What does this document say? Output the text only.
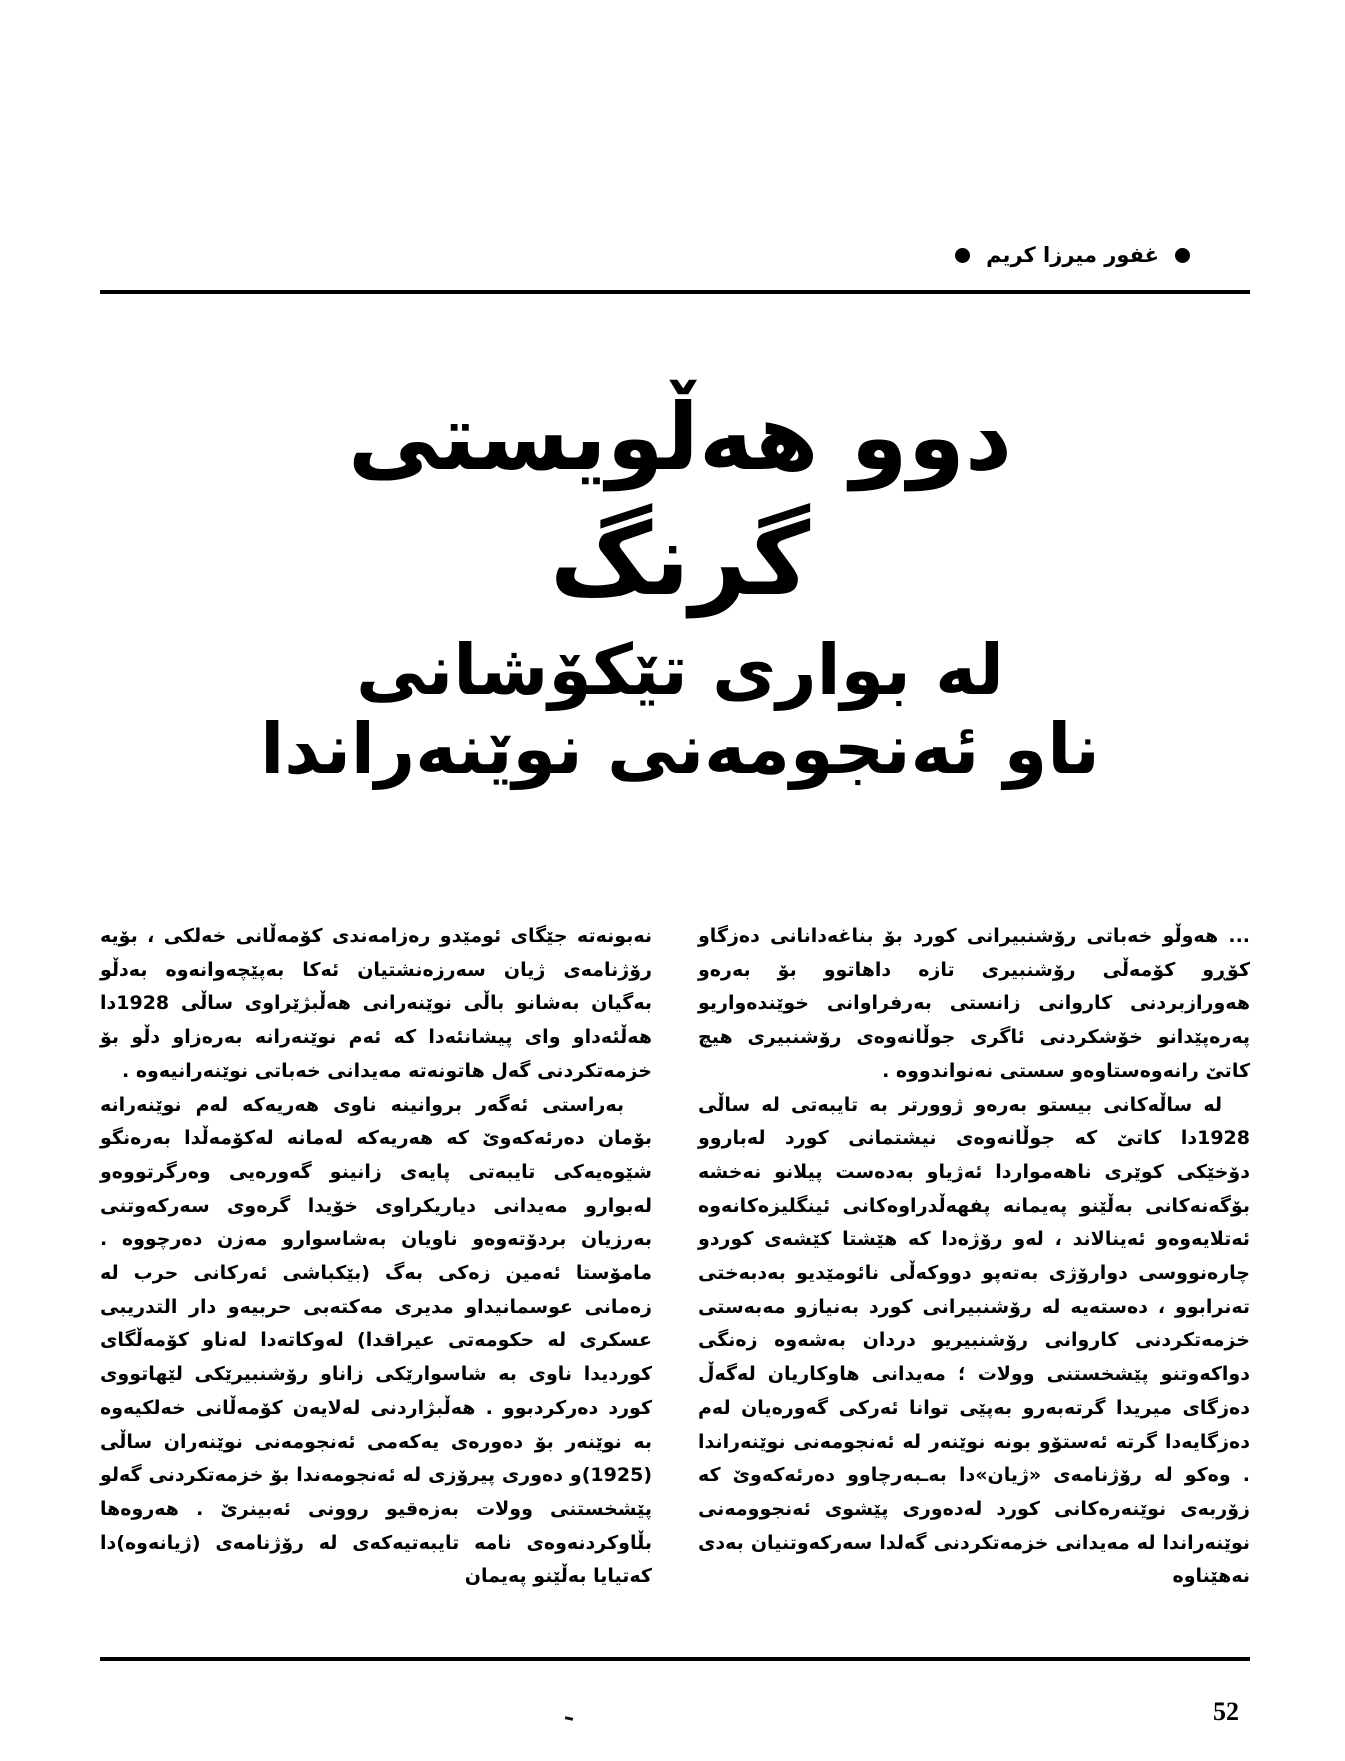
غفور میرزا كريم
دوو هەڵویستی
گرنگ
لە بواری تێکۆشانی
ناو ئەنجومەنی نوێنەراندا

... هەوڵو خەباتی رۆشنبیرانی کورد بۆ بناغەدانانی دەزگاو کۆڕو کۆمەڵی رۆشنبیری تازە داهاتوو بۆ بەرەو هەورازبردنی کاروانی زانستی بەرفراوانی خوێندەواریو پەرەپێدانو خۆشکردنی ئاگری جوڵانەوەی رۆشنبیری هیچ کاتێ رانەوەستاوەو سستی نەنواندووە .

لە ساڵەکانی بیستو بەرەو ژوورتر بە تایبەتی لە ساڵی 1928دا کاتێ کە جوڵانەوەی نیشتمانی کورد لەباروو دۆخێکی کوێری ناهەمواردا ئەژیاو بەدەست پیلانو نەخشە بۆگەنەکانی بەڵێنو پەیمانە پفهەڵدراوەکانی ئینگلیزەکانەوە ئەتلایەوەو ئەینالاند ، لەو رۆژەدا کە هێشتا کێشەی کوردو چارەنووسی دوارۆژی بەتەپو دووکەڵی نائومێدیو بەدبەختی تەنرابوو ، دەستەیە لە رۆشنبیرانی کورد بەنیازو مەبەستی خزمەتکردنی کاروانی رۆشنبیریو دردان بەشەوە زەنگی دواکەوتنو پێشخستنی وولات ؛ مەیدانی هاوکاریان لەگەڵ دەزگای میریدا گرتەبەرو بەپێی توانا ئەرکی گەورەیان لەم دەزگایەدا گرتە ئەستۆو بونە نوێنەر لە ئەنجومەنی نوێنەراندا . وەکو لە رۆژنامەی «ژیان»دا بەـبەرچاوو دەرئەکەوێ کە زۆربەی نوێنەرەکانی کورد لەدەوری پێشوی ئەنجوومەنی نوێنەراندا لە مەیدانی خزمەتکردنی گەلدا سەرکەوتنیان بەدی نەهێناوە

نەبونەتە جێگای ئومێدو رەزامەندی کۆمەڵانی خەلکی ، بۆیە رۆژنامەی ژیان سەرزەنشتیان ئەکا بەپێچەوانەوە بەدڵو بەگیان بەشانو باڵی نوێنەرانی هەڵبژێراوی ساڵی 1928دا هەڵئەداو وای پیشانئەدا کە ئەم نوێنەرانە بەرەزاو دڵو بۆ خزمەتکردنی گەل هاتونەتە مەیدانی خەباتی نوێنەرانیەوە .

بەراستی ئەگەر بروانینە ناوی هەریەکە لەم نوێنەرانە بۆمان دەرئەکەوێ کە هەریەکە لەمانە لەکۆمەڵدا بەرەنگو شێوەیەکی تایبەتی پایەی زانینو گەورەیی وەرگرتووەو لەبوارو مەیدانی دیاریکراوی خۆیدا گرەوی سەرکەوتنی بەرزیان بردۆتەوەو ناویان بەشاسوارو مەزن دەرچووە . مامۆستا ئەمین زەکی بەگ (بێکباشی ئەرکانی حرب لە زەمانی عوسمانیداو مدیری مەکتەبی حربیەو دار التدریبی عسکری لە حکومەتی عیراقدا) لەوکاتەدا لەناو کۆمەڵگای کوردیدا ناوی بە شاسوارێکی زاناو رۆشنبیرێکی لێهاتووی کورد دەرکردبوو . هەڵبژاردنی لەلایەن کۆمەڵانی خەلکیەوە بە نوێنەر بۆ دەورەی یەکەمی ئەنجومەنی نوێنەران ساڵی (1925)و دەوری پیرۆزی لە ئەنجومەندا بۆ خزمەتکردنی گەلو پێشخستنی وولات بەزەقیو روونی ئەبینرێ . هەروەها بڵاوکردنەوەی نامە تایبەتیەکەی لە رۆژنامەی (ژیانەوە)دا کەتیایا بەڵێنو پەیمان

52
